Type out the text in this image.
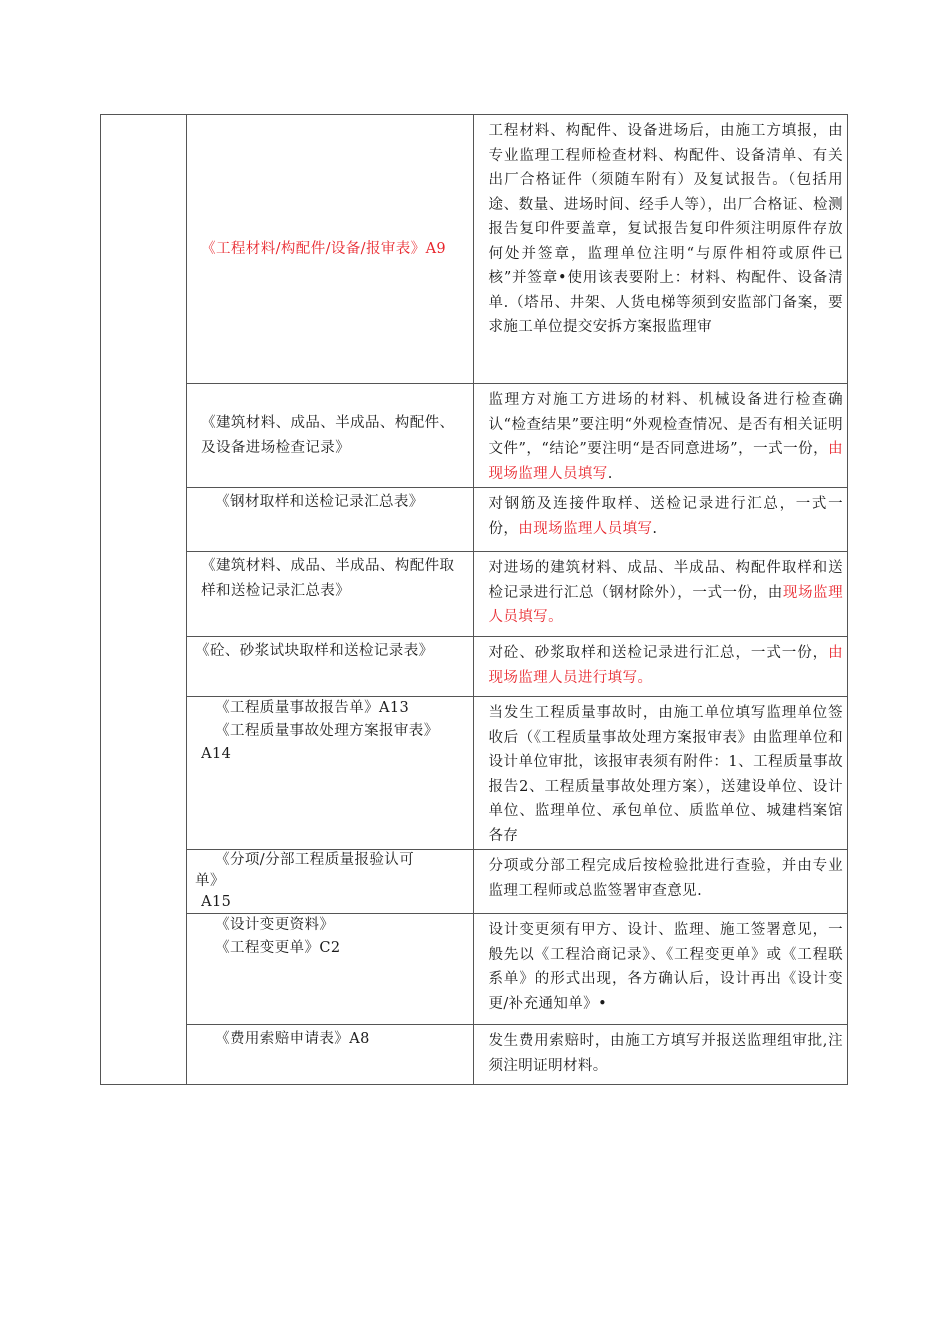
	《工程材料/构配件/设备/报审表》A9	工程材料、构配件、设备进场后，由施工方填报，由专业监理工程师检查材料、构配件、设备清单、有关出厂合格证件（须随车附有）及复试报告。（包括用途、数量、进场时间、经手人等），出厂合格证、检测报告复印件要盖章，复试报告复印件须注明原件存放何处并签章，监理单位注明“与原件相符或原件已核”并签章•使用该表要附上：材料、构配件、设备清单.（塔吊、井架、人货电梯等须到安监部门备案，要求施工单位提交安拆方案报监理审

	《建筑材料、成品、半成品、构配件、及设备进场检查记录》	监理方对施工方进场的材料、机械设备进行检查确认“检查结果”要注明“外观检查情况、是否有相关证明文件”，“结论”要注明“是否同意进场”，一式一份，由现场监理人员填写.

	《钢材取样和送检记录汇总表》	对钢筋及连接件取样、送检记录进行汇总，一式一份，由现场监理人员填写.

	《建筑材料、成品、半成品、构配件取样和送检记录汇总表》	对进场的建筑材料、成品、半成品、构配件取样和送检记录进行汇总（钢材除外），一式一份，由现场监理人员填写。

	《砼、砂浆试块取样和送检记录表》	对砼、砂浆取样和送检记录进行汇总，一式一份，由现场监理人员进行填写。

	《工程质量事故报告单》A13
《工程质量事故处理方案报审表》
A14	当发生工程质量事故时，由施工单位填写监理单位签收后（《工程质量事故处理方案报审表》由监理单位和设计单位审批，该报审表须有附件：1、工程质量事故报告2、工程质量事故处理方案），送建设单位、设计单位、监理单位、承包单位、质监单位、城建档案馆各存

	《分项/分部工程质量报验认可
单》
A15	分项或分部工程完成后按检验批进行查验，并由专业监理工程师或总监签署审查意见.

	《设计变更资料》
《工程变更单》C2	设计变更须有甲方、设计、监理、施工签署意见，一般先以《工程洽商记录》、《工程变更单》或《工程联系单》的形式出现，各方确认后，设计再出《设计变更/补充通知单》•

	《费用索赔申请表》A8	发生费用索赔时，由施工方填写并报送监理组审批,注须注明证明材料。
